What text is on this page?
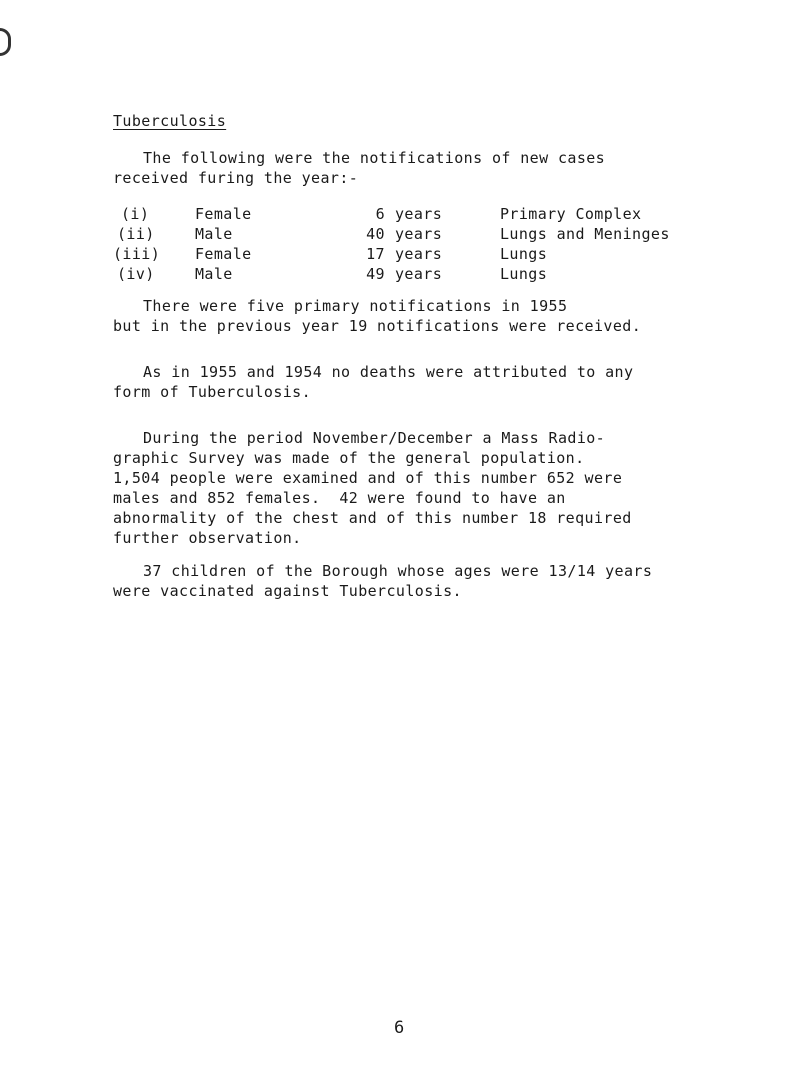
Tuberculosis
The following were the notifications of new cases
received furing the year:-
(i)	Female	6 years	Primary Complex
(ii)	Male	40 years	Lungs and Meninges
(iii) Female	17 years	Lungs
(iv)	Male	49 years	Lungs
There were five primary notifications in 1955
but in the previous year 19 notifications were received.
As in 1955 and 1954 no deaths were attributed to any
form of Tuberculosis.
During the period November/December a Mass Radio-
graphic Survey was made of the general population.
1,504 people were examined and of this number 652 were
males and 852 females.  42 were found to have an
abnormality of the chest and of this number 18 required
further observation.
37 children of the Borough whose ages were 13/14 years
were vaccinated against Tuberculosis.
6
